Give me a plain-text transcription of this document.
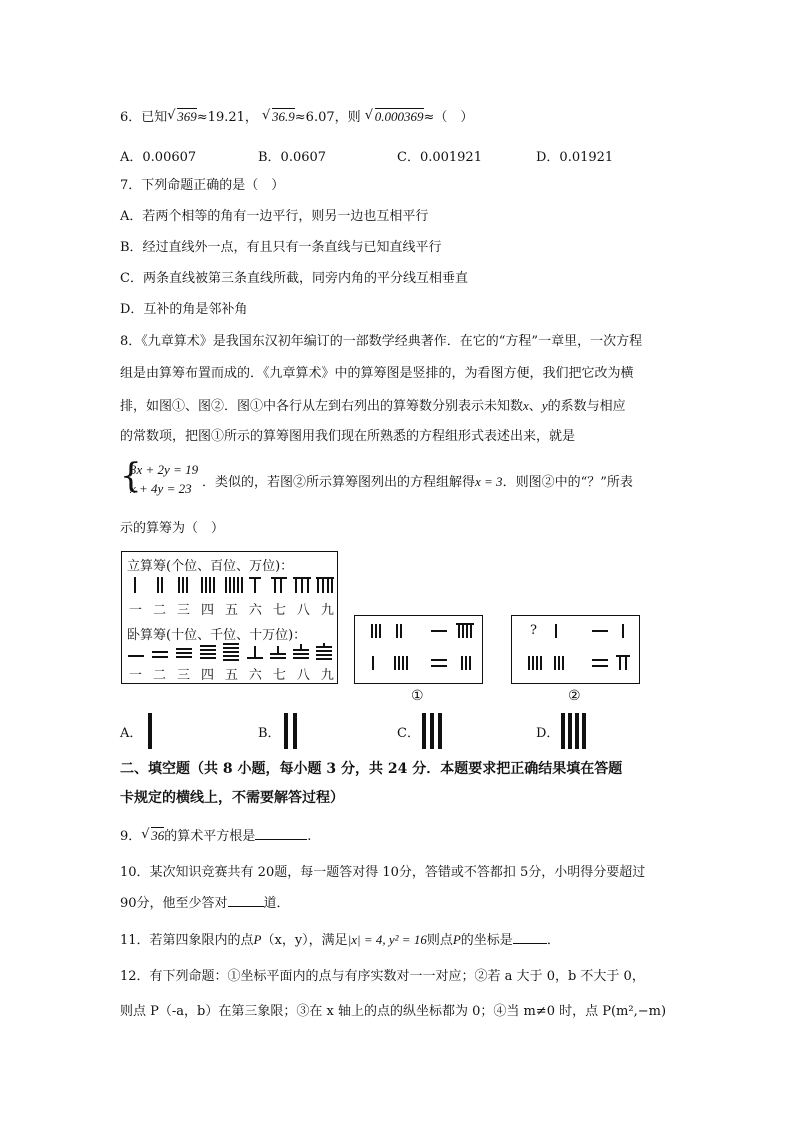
6．已知 √ 369≈19.21， √ 36.9≈6.07，则 √ 0.000369≈（　）
A．0.00607	B．0.0607	C．0.001921	D．0.01921
7．下列命题正确的是（　）
A．若两个相等的角有一边平行，则另一边也互相平行
B．经过直线外一点，有且只有一条直线与已知直线平行
C．两条直线被第三条直线所截，同旁内角的平分线互相垂直
D．互补的角是邻补角
8．《九章算术》是我国东汉初年编订的一部数学经典著作．在它的“方程”一章里，一次方程
组是由算筹布置而成的．《九章算术》中的算筹图是竖排的，为看图方便，我们把它改为横
排，如图①、图②．图①中各行从左到右列出的算筹数分别表示未知数x、y的系数与相应
的常数项，把图①所示的算筹图用我们现在所熟悉的方程组形式表述出来，就是
{
3x + 2y = 19
x + 4y = 23 ．类似的，若图②所示算筹图列出的方程组解得x = 3．则图②中的“？”所表
示的算筹为（　）
立算筹(个位、百位、万位)：
一 二 三 四 五 六 七 八 九
卧算筹(十位、千位、十万位)：
一 二 三 四 五 六 七 八 九
①
?
②
A．	B．	C．	D．
二、填空题（共 8 小题，每小题 3 分，共 24 分．本题要求把正确结果填在答题
卡规定的横线上，不需要解答过程）
9． √ 36的算术平方根是	.
10．某次知识竞赛共有 20题，每一题答对得 10分，答错或不答都扣 5分，小明得分要超过
90分，他至少答对	道．
11．若第四象限内的点P（x，y），满足|x| = 4, y² = 16则点P的坐标是	．
12．有下列命题：①坐标平面内的点与有序实数对一一对应；②若 a 大于 0，b 不大于 0，
则点 P（-a，b）在第三象限；③在 x 轴上的点的纵坐标都为 0；④当 m≠0 时，点 P(m²,−m)
